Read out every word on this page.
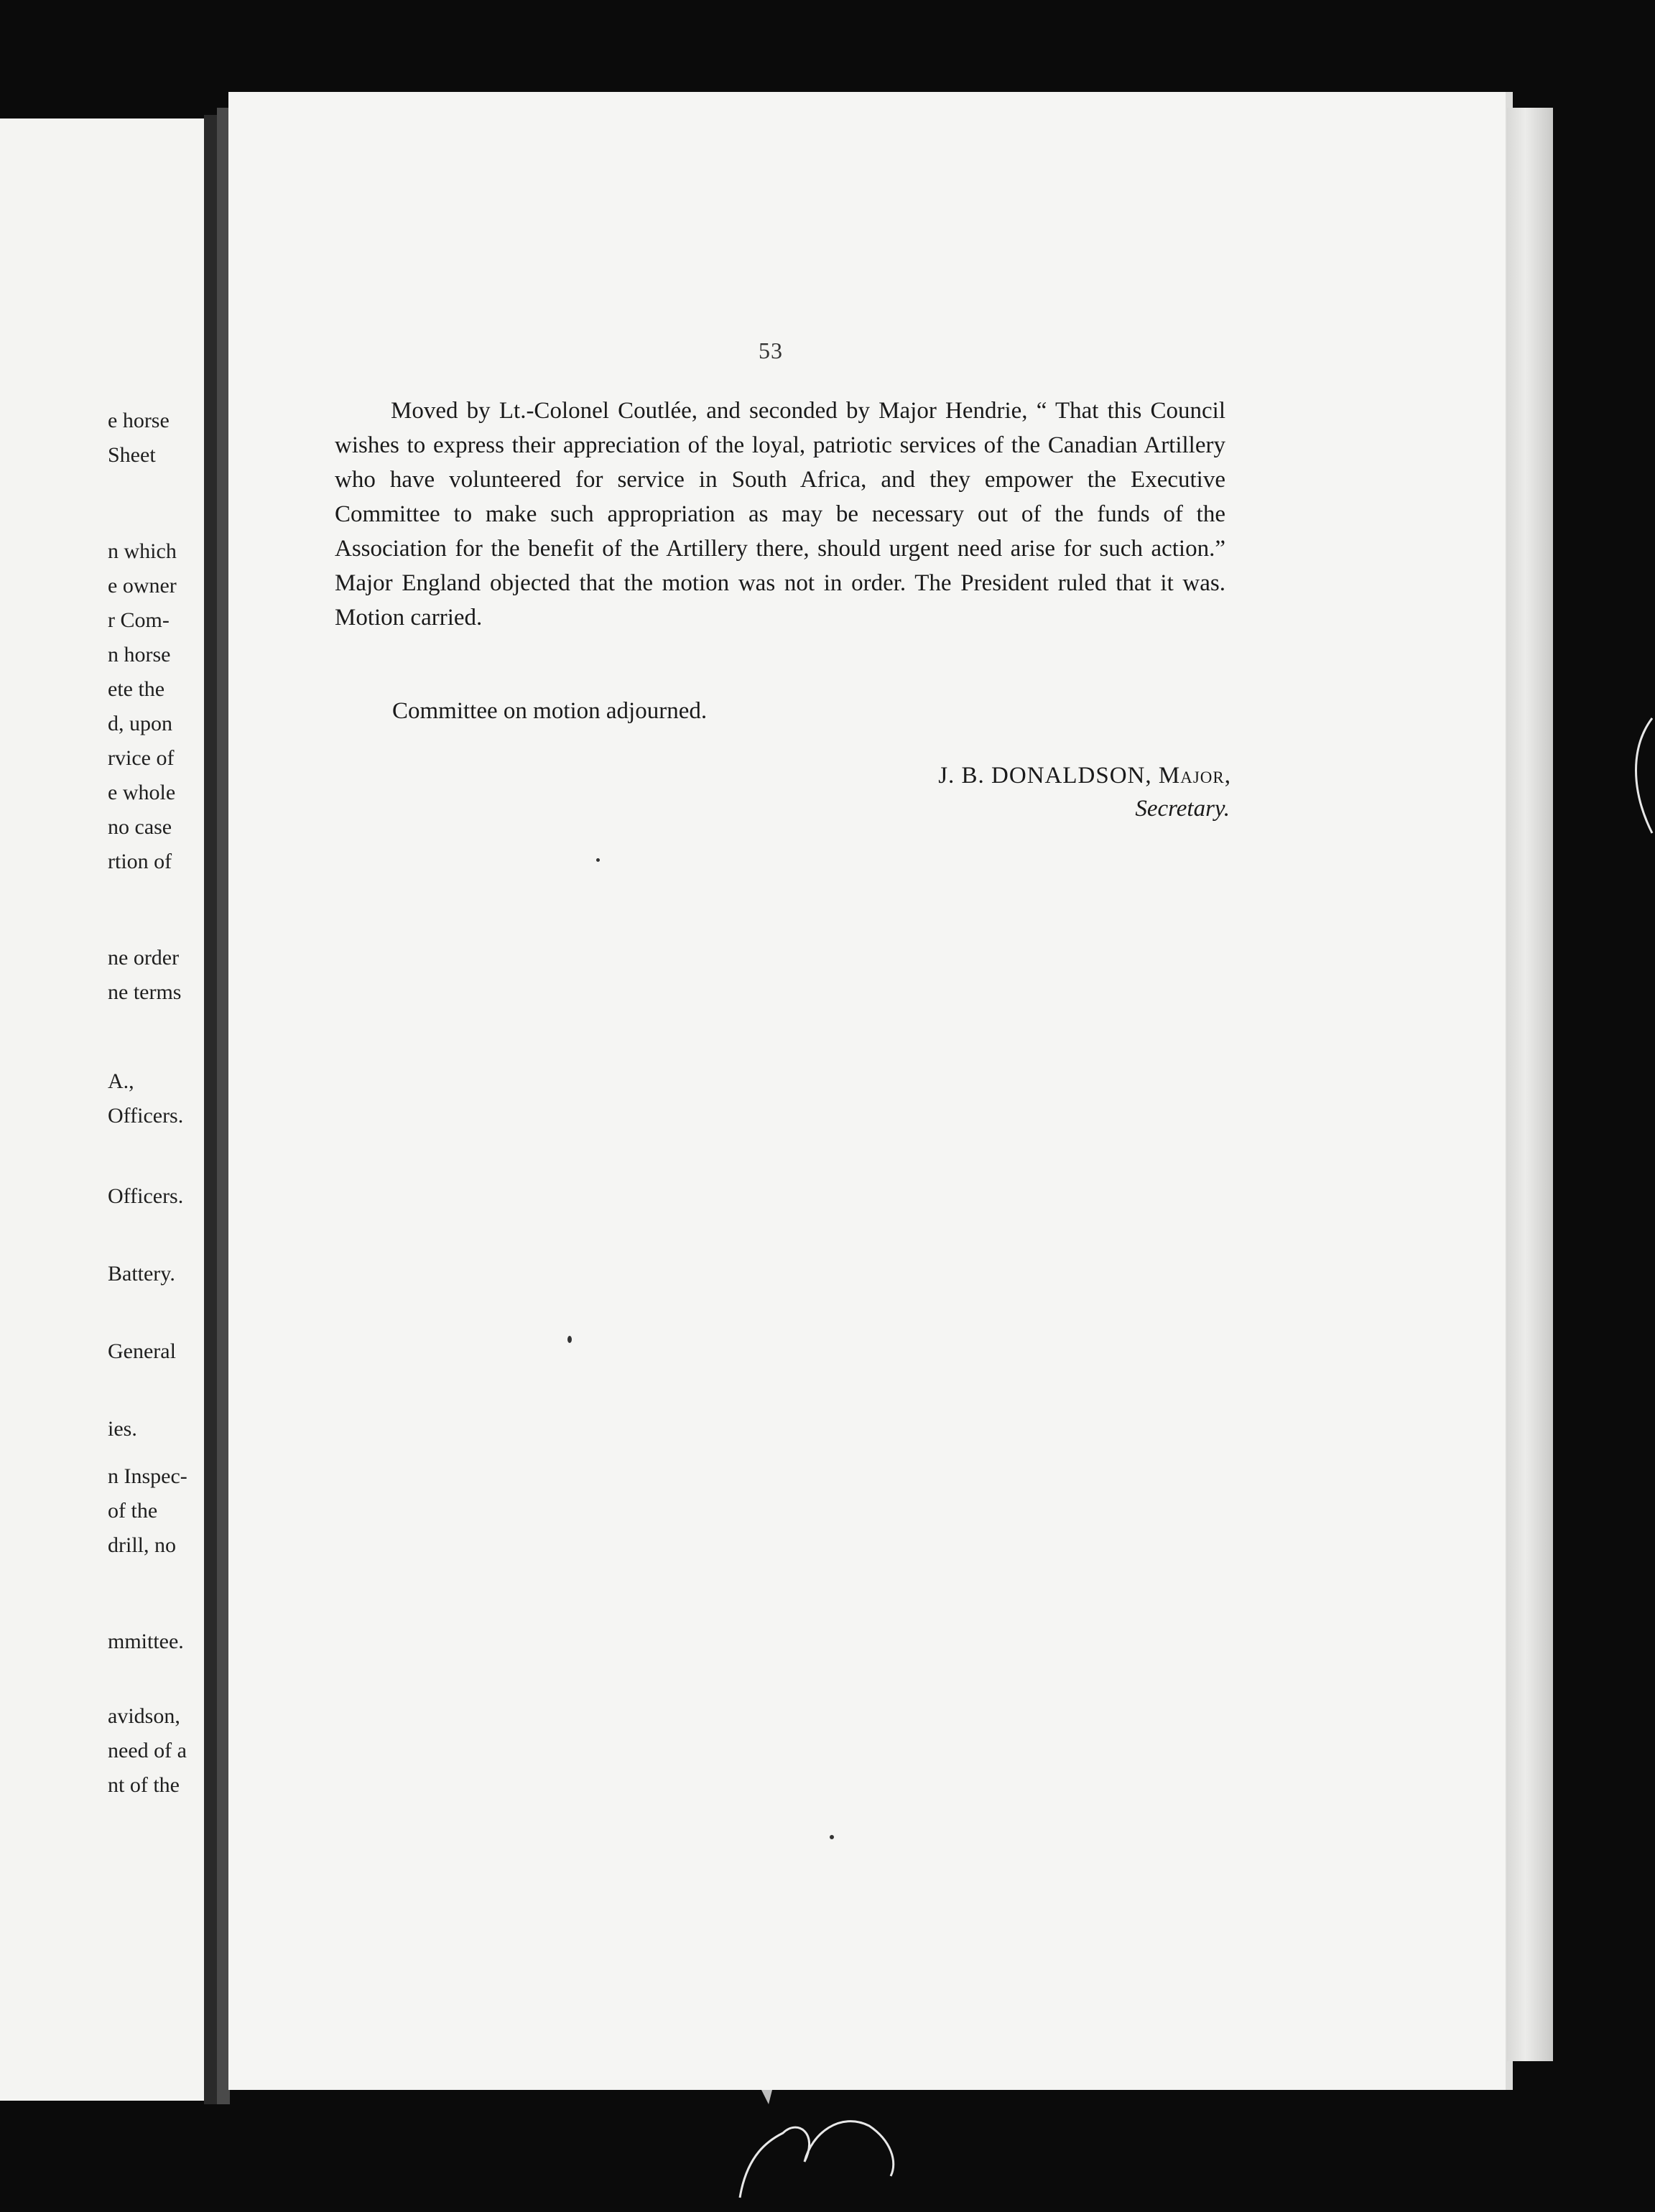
e horse
Sheet
n which
e owner
r Com-
n horse
ete the
d, upon
rvice of
e whole
no case
rtion of
ne order
ne terms
A.,
Officers.
Officers.
Battery.
General
ies.
n Inspec-
of the
drill, no
mmittee.
avidson,
need of a
nt of the
53

Moved by Lt.-Colonel Coutlée, and seconded by Major Hendrie, “ That this Council wishes to express their appreciation of the loyal, patriotic services of the Canadian Artillery who have volunteered for service in South Africa, and they empower the Executive Committee to make such appropriation as may be necessary out of the funds of the Association for the benefit of the Artillery there, should urgent need arise for such action.” Major England objected that the motion was not in order. The President ruled that it was. Motion carried.

Committee on motion adjourned.
J. B. DONALDSON, Major,
Secretary.
